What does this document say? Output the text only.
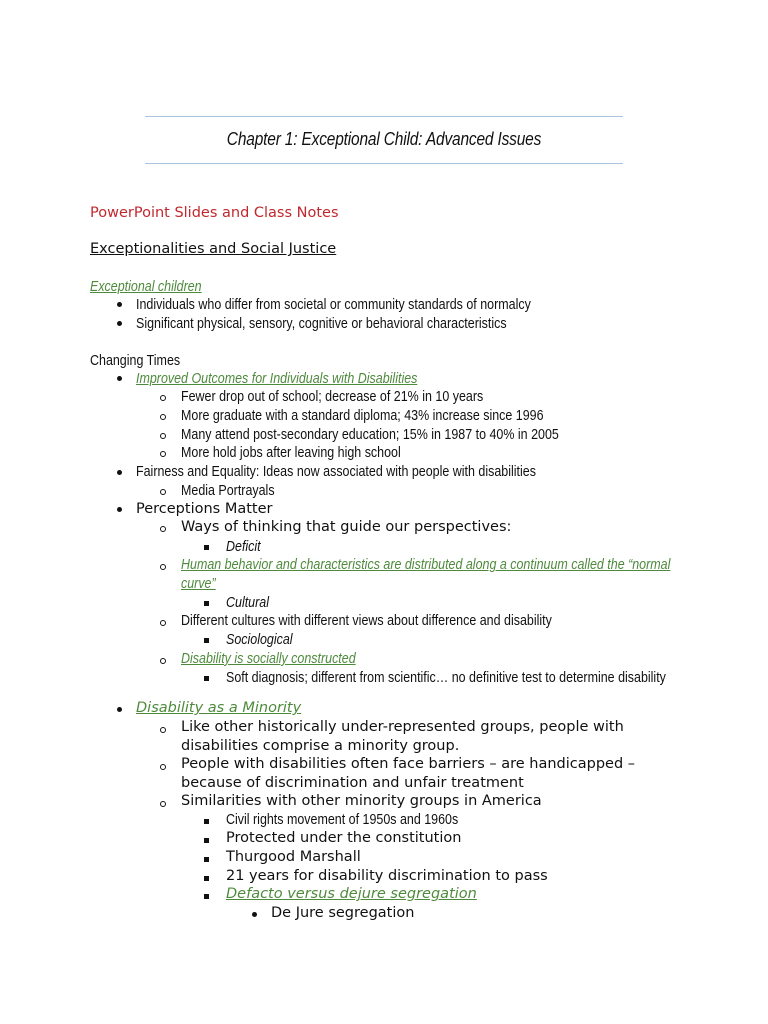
Chapter 1: Exceptional Child: Advanced Issues
PowerPoint Slides and Class Notes
Exceptionalities and Social Justice
Exceptional children
Individuals who differ from societal or community standards of normalcy
Significant physical, sensory, cognitive or behavioral characteristics
Changing Times
Improved Outcomes for Individuals with Disabilities
Fewer drop out of school; decrease of 21% in 10 years
More graduate with a standard diploma; 43% increase since 1996
Many attend post-secondary education; 15% in 1987 to 40% in 2005
More hold jobs after leaving high school
Fairness and Equality: Ideas now associated with people with disabilities
Media Portrayals
Perceptions Matter
Ways of thinking that guide our perspectives:
Deficit
Human behavior and characteristics are distributed along a continuum called the “normal
curve”
Cultural
Different cultures with different views about difference and disability
Sociological
Disability is socially constructed
Soft diagnosis; different from scientific… no definitive test to determine disability
Disability as a Minority
Like other historically under-represented groups, people with
disabilities comprise a minority group.
People with disabilities often face barriers – are handicapped –
because of discrimination and unfair treatment
Similarities with other minority groups in America
Civil rights movement of 1950s and 1960s
Protected under the constitution
Thurgood Marshall
21 years for disability discrimination to pass
Defacto versus dejure segregation
De Jure segregation
